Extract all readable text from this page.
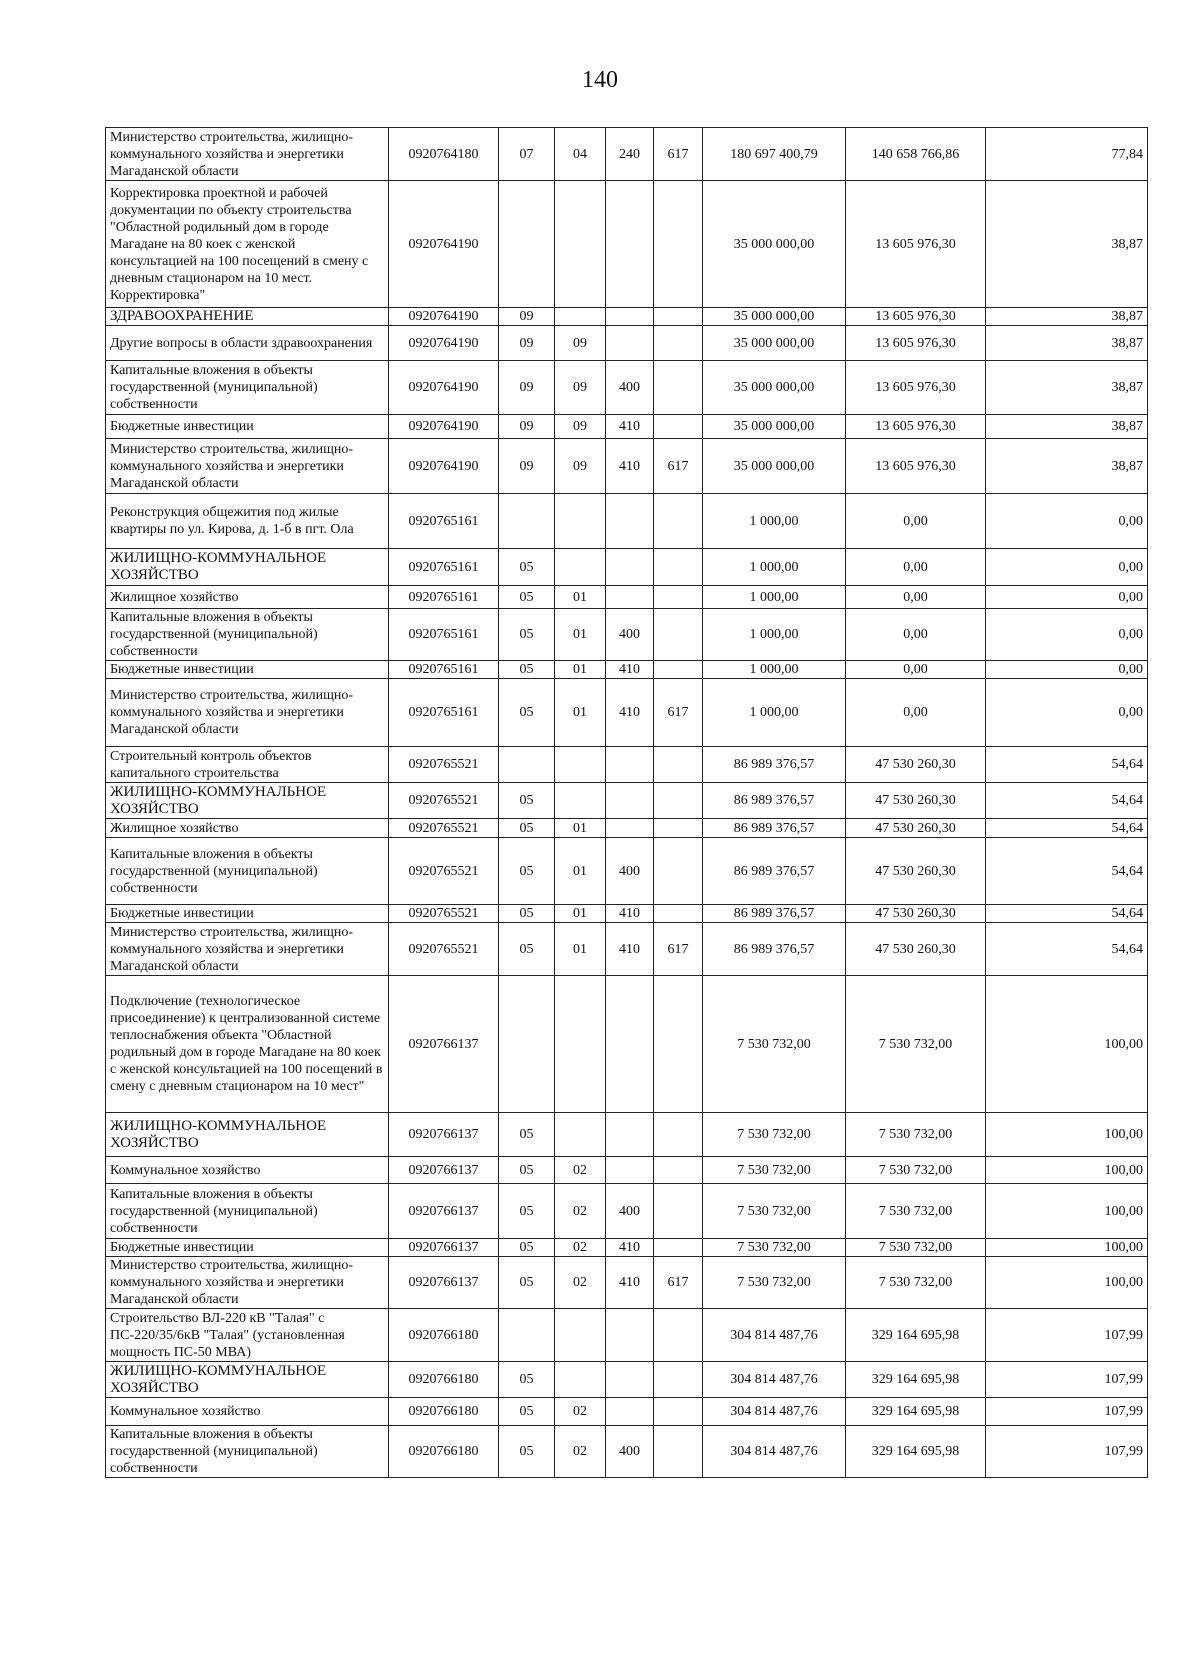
140
Министерство строительства, жилищно-коммунального хозяйства и энергетики Магаданской области	0920764180	07	04	240	617	180 697 400,79	140 658 766,86	77,84
Корректировка проектной и рабочей документации по объекту строительства "Областной родильный дом в городе Магадане на 80 коек с женской консультацией на 100 посещений в смену с дневным стационаром на 10 мест. Корректировка"	0920764190					35 000 000,00	13 605 976,30	38,87
ЗДРАВООХРАНЕНИЕ	0920764190	09				35 000 000,00	13 605 976,30	38,87
Другие вопросы в области здравоохранения	0920764190	09	09			35 000 000,00	13 605 976,30	38,87
Капитальные вложения в объекты государственной (муниципальной) собственности	0920764190	09	09	400		35 000 000,00	13 605 976,30	38,87
Бюджетные инвестиции	0920764190	09	09	410		35 000 000,00	13 605 976,30	38,87
Министерство строительства, жилищно-коммунального хозяйства и энергетики Магаданской области	0920764190	09	09	410	617	35 000 000,00	13 605 976,30	38,87
Реконструкция общежития под жилые квартиры по ул. Кирова, д. 1-б в пгт. Ола	0920765161					1 000,00	0,00	0,00
ЖИЛИЩНО-КОММУНАЛЬНОЕ ХОЗЯЙСТВО	0920765161	05				1 000,00	0,00	0,00
Жилищное хозяйство	0920765161	05	01			1 000,00	0,00	0,00
Капитальные вложения в объекты государственной (муниципальной) собственности	0920765161	05	01	400		1 000,00	0,00	0,00
Бюджетные инвестиции	0920765161	05	01	410		1 000,00	0,00	0,00
Министерство строительства, жилищно-коммунального хозяйства и энергетики Магаданской области	0920765161	05	01	410	617	1 000,00	0,00	0,00
Строительный контроль объектов капитального строительства	0920765521					86 989 376,57	47 530 260,30	54,64
ЖИЛИЩНО-КОММУНАЛЬНОЕ ХОЗЯЙСТВО	0920765521	05				86 989 376,57	47 530 260,30	54,64
Жилищное хозяйство	0920765521	05	01			86 989 376,57	47 530 260,30	54,64
Капитальные вложения в объекты государственной (муниципальной) собственности	0920765521	05	01	400		86 989 376,57	47 530 260,30	54,64
Бюджетные инвестиции	0920765521	05	01	410		86 989 376,57	47 530 260,30	54,64
Министерство строительства, жилищно-коммунального хозяйства и энергетики Магаданской области	0920765521	05	01	410	617	86 989 376,57	47 530 260,30	54,64
Подключение (технологическое присоединение) к централизованной системе теплоснабжения объекта "Областной родильный дом в городе Магадане на 80 коек с женской консультацией на 100 посещений в смену с дневным стационаром на 10 мест"	0920766137					7 530 732,00	7 530 732,00	100,00
ЖИЛИЩНО-КОММУНАЛЬНОЕ ХОЗЯЙСТВО	0920766137	05				7 530 732,00	7 530 732,00	100,00
Коммунальное хозяйство	0920766137	05	02			7 530 732,00	7 530 732,00	100,00
Капитальные вложения в объекты государственной (муниципальной) собственности	0920766137	05	02	400		7 530 732,00	7 530 732,00	100,00
Бюджетные инвестиции	0920766137	05	02	410		7 530 732,00	7 530 732,00	100,00
Министерство строительства, жилищно-коммунального хозяйства и энергетики Магаданской области	0920766137	05	02	410	617	7 530 732,00	7 530 732,00	100,00
Строительство ВЛ-220 кВ "Талая" с ПС-220/35/6кВ "Талая" (установленная мощность ПС-50 МВА)	0920766180					304 814 487,76	329 164 695,98	107,99
ЖИЛИЩНО-КОММУНАЛЬНОЕ ХОЗЯЙСТВО	0920766180	05				304 814 487,76	329 164 695,98	107,99
Коммунальное хозяйство	0920766180	05	02			304 814 487,76	329 164 695,98	107,99
Капитальные вложения в объекты государственной (муниципальной) собственности	0920766180	05	02	400		304 814 487,76	329 164 695,98	107,99
